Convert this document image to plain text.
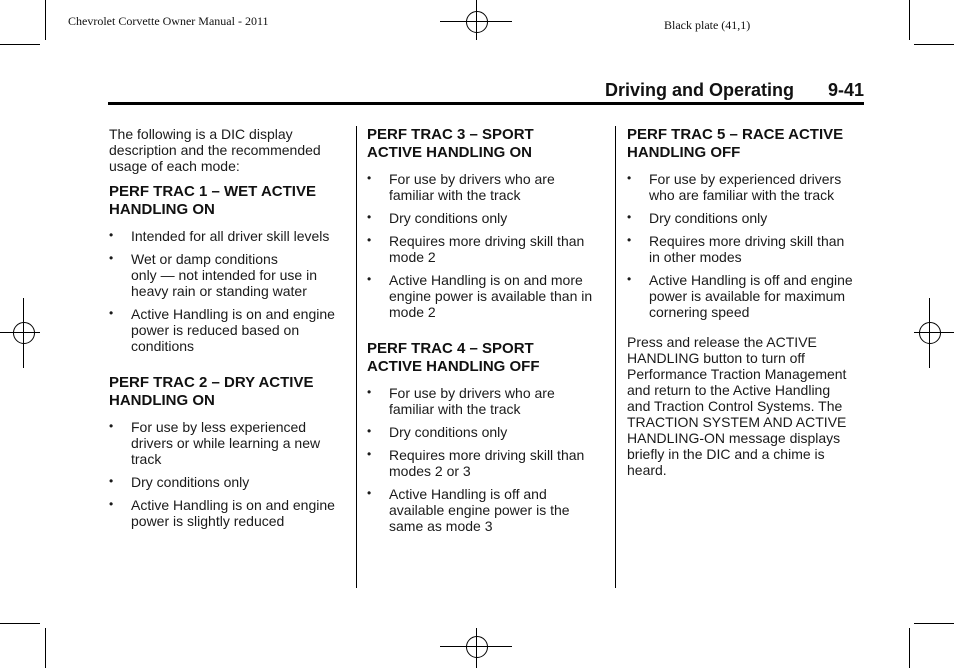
Chevrolet Corvette Owner Manual - 2011	Black plate (41,1)
Driving and Operating 9-41

The following is a DIC display
description and the recommended
usage of each mode:

PERF TRAC 1 – WET ACTIVE
HANDLING ON
• Intended for all driver skill levels
• Wet or damp conditions
only — not intended for use in
heavy rain or standing water
• Active Handling is on and engine
power is reduced based on
conditions
PERF TRAC 2 – DRY ACTIVE
HANDLING ON
• For use by less experienced
drivers or while learning a new
track
• Dry conditions only
• Active Handling is on and engine
power is slightly reduced
PERF TRAC 3 – SPORT
ACTIVE HANDLING ON
• For use by drivers who are
familiar with the track
• Dry conditions only
• Requires more driving skill than
mode 2
• Active Handling is on and more
engine power is available than in
mode 2
PERF TRAC 4 – SPORT
ACTIVE HANDLING OFF
• For use by drivers who are
familiar with the track
• Dry conditions only
• Requires more driving skill than
modes 2 or 3
• Active Handling is off and
available engine power is the
same as mode 3
PERF TRAC 5 – RACE ACTIVE
HANDLING OFF
• For use by experienced drivers
who are familiar with the track
• Dry conditions only
• Requires more driving skill than
in other modes
• Active Handling is off and engine
power is available for maximum
cornering speed

Press and release the ACTIVE
HANDLING button to turn off
Performance Traction Management
and return to the Active Handling
and Traction Control Systems. The
TRACTION SYSTEM AND ACTIVE
HANDLING-ON message displays
briefly in the DIC and a chime is
heard.
